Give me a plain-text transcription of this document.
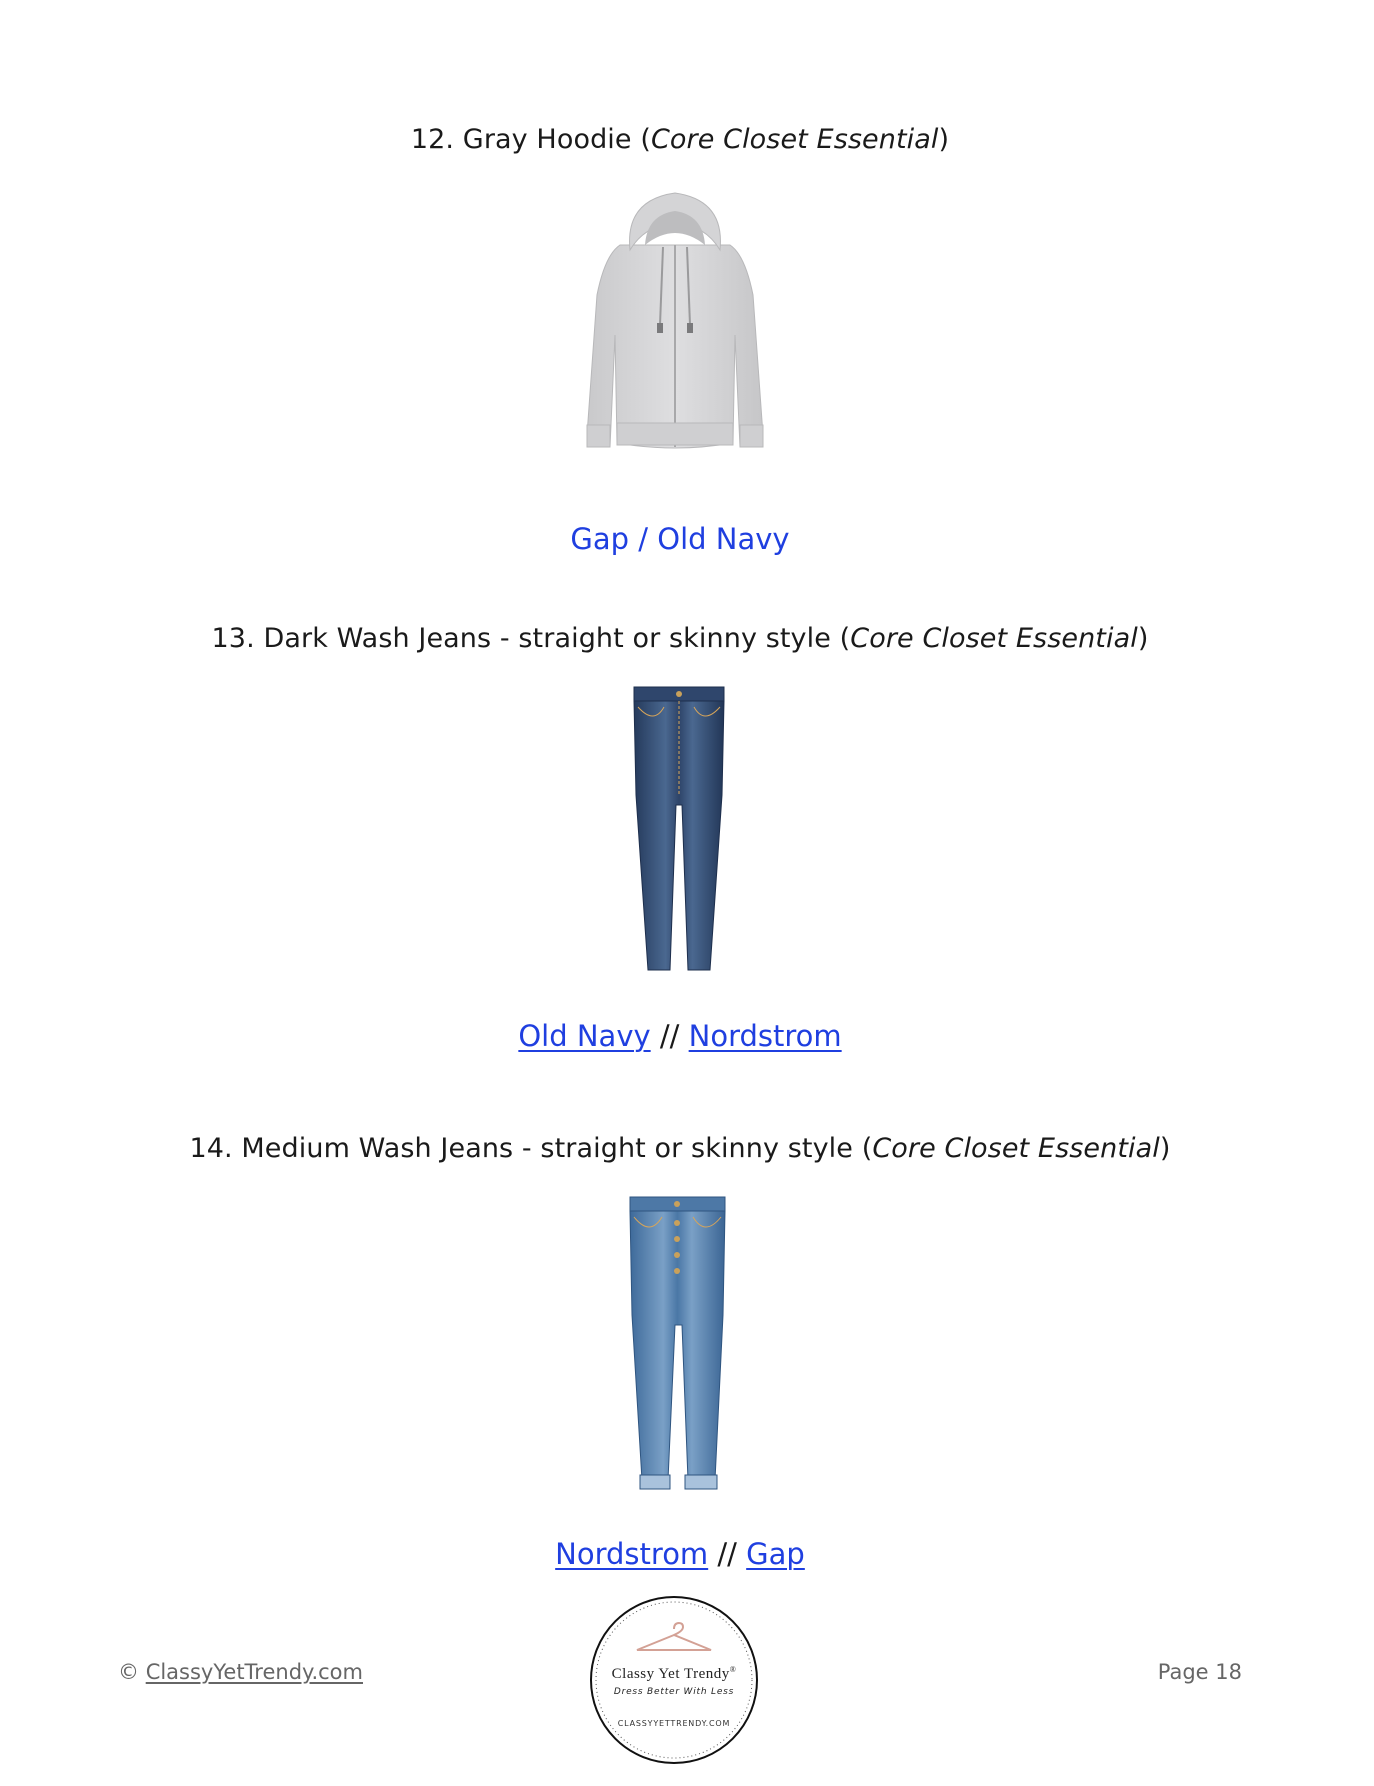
12. Gray Hoodie (Core Closet Essential)
Gap / Old Navy
13. Dark Wash Jeans - straight or skinny style (Core Closet Essential)
Old Navy // Nordstrom
14. Medium Wash Jeans - straight or skinny style (Core Closet Essential)
Nordstrom // Gap
© ClassyYetTrendy.com	Classy Yet Trendy®
Dress Better With Less
CLASSYYETTRENDY.COM
Page 18
